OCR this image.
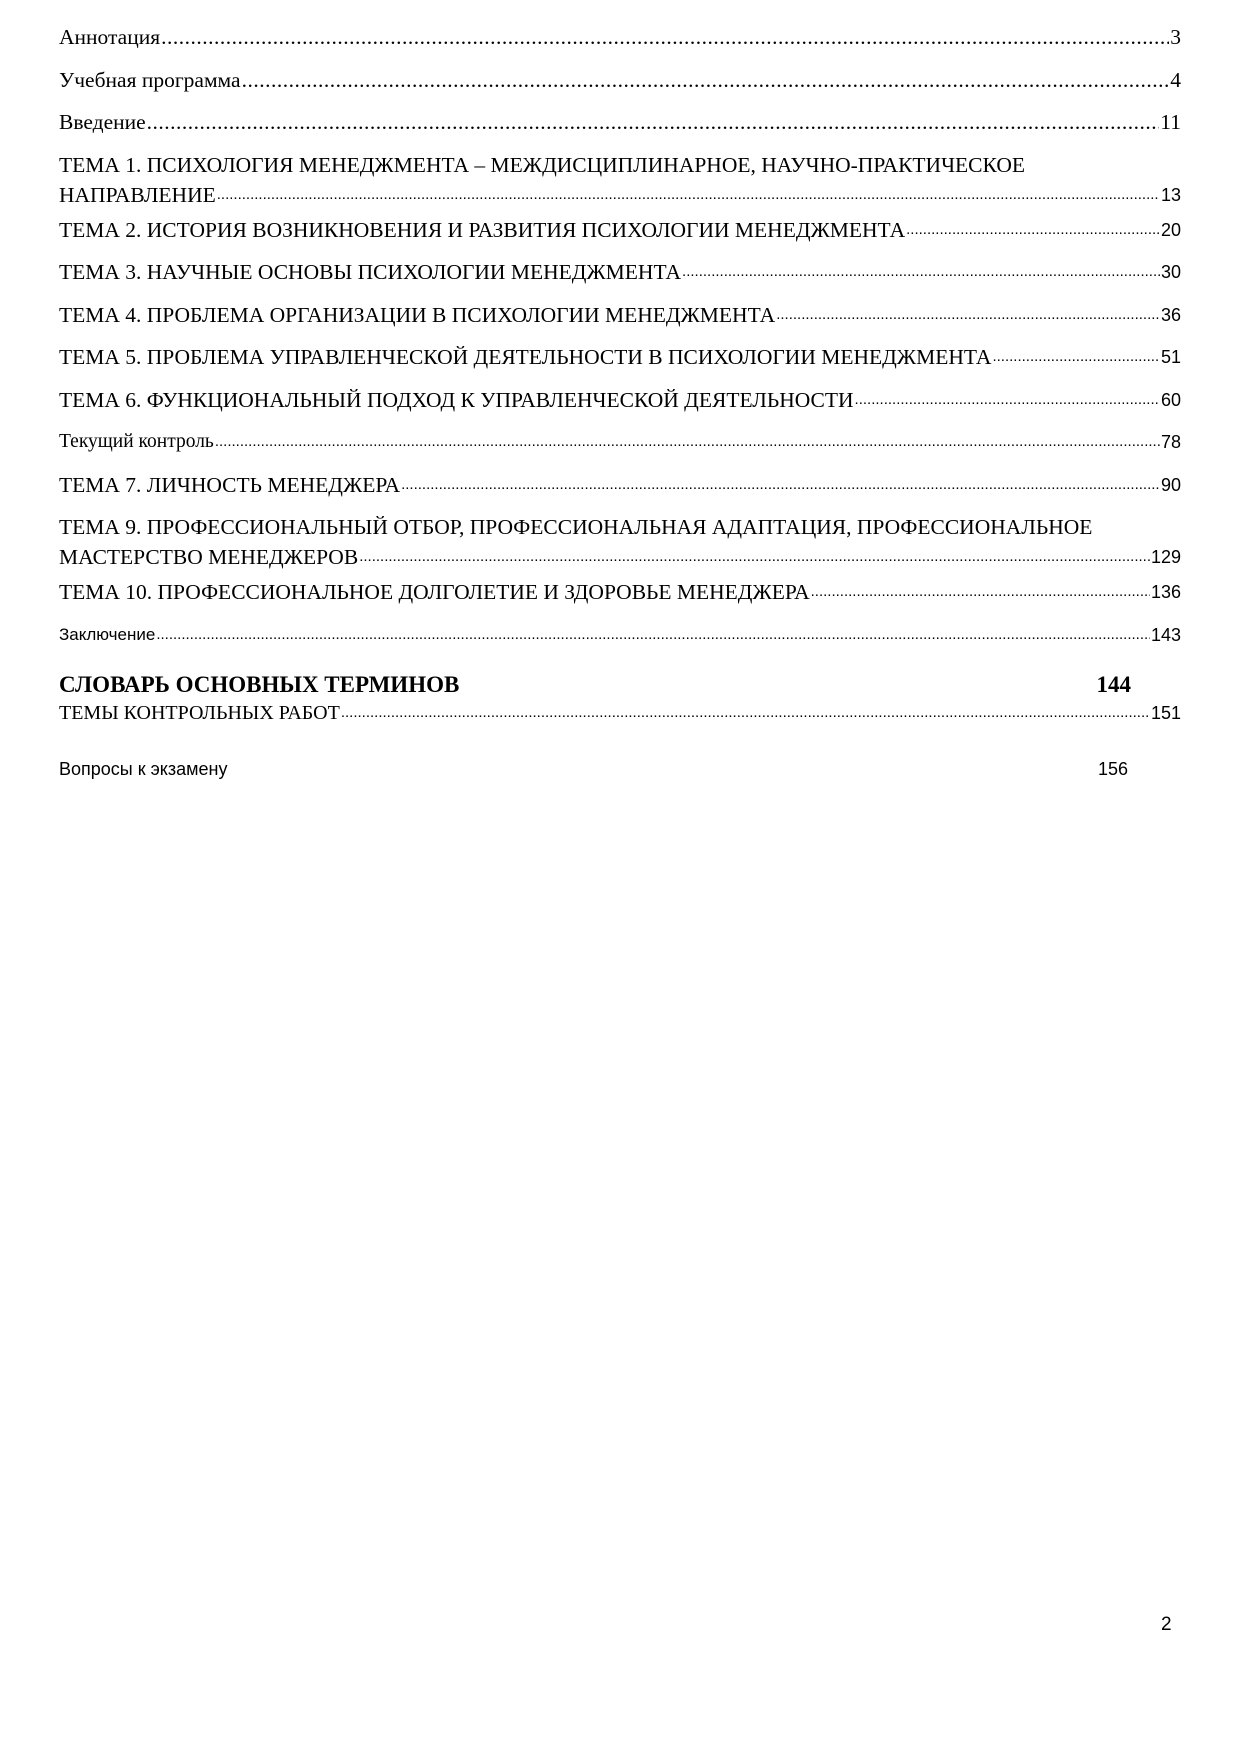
Аннотация .....	3
Учебная программа .....	4
Введение .....	11
ТЕМА 1. ПСИХОЛОГИЯ МЕНЕДЖМЕНТА – МЕЖДИСЦИПЛИНАРНОЕ, НАУЧНО-ПРАКТИЧЕСКОЕ
НАПРАВЛЕНИЕ .....	13
ТЕМА 2. ИСТОРИЯ ВОЗНИКНОВЕНИЯ И РАЗВИТИЯ ПСИХОЛОГИИ МЕНЕДЖМЕНТА .....	20
ТЕМА 3. НАУЧНЫЕ ОСНОВЫ ПСИХОЛОГИИ МЕНЕДЖМЕНТА .....	30
ТЕМА 4. ПРОБЛЕМА ОРГАНИЗАЦИИ В ПСИХОЛОГИИ МЕНЕДЖМЕНТА .....	36
ТЕМА 5. ПРОБЛЕМА УПРАВЛЕНЧЕСКОЙ ДЕЯТЕЛЬНОСТИ В ПСИХОЛОГИИ МЕНЕДЖМЕНТА .....	51
ТЕМА 6. ФУНКЦИОНАЛЬНЫЙ ПОДХОД К УПРАВЛЕНЧЕСКОЙ ДЕЯТЕЛЬНОСТИ .....	60
Текущий контроль .....	78
ТЕМА 7. ЛИЧНОСТЬ МЕНЕДЖЕРА .....	90
ТЕМА 9. ПРОФЕССИОНАЛЬНЫЙ ОТБОР, ПРОФЕССИОНАЛЬНАЯ АДАПТАЦИЯ, ПРОФЕССИОНАЛЬНОЕ
МАСТЕРСТВО МЕНЕДЖЕРОВ .....	129
ТЕМА 10. ПРОФЕССИОНАЛЬНОЕ ДОЛГОЛЕТИЕ И ЗДОРОВЬЕ МЕНЕДЖЕРА .....	136
Заключение .....	143
СЛОВАРЬ ОСНОВНЫХ ТЕРМИНОВ	144
ТЕМЫ КОНТРОЛЬНЫХ РАБОТ .....	151
Вопросы к экзамену	156
2
